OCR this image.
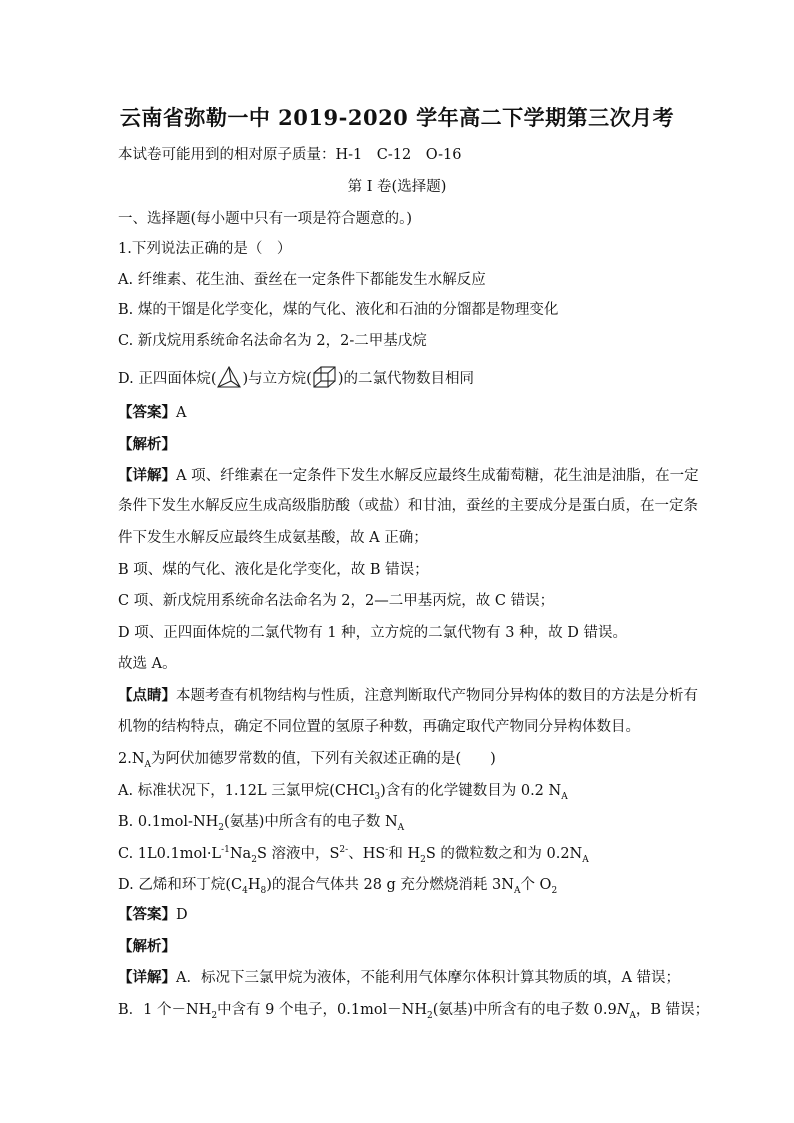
云南省弥勒一中 2019-2020 学年高二下学期第三次月考
本试卷可能用到的相对原子质量：H-1　C-12　O-16
第 I 卷(选择题)
一、选择题(每小题中只有一项是符合题意的。)
1.下列说法正确的是（　）
A. 纤维素、花生油、蚕丝在一定条件下都能发生水解反应
B. 煤的干馏是化学变化，煤的气化、液化和石油的分馏都是物理变化
C. 新戊烷用系统命名法命名为 2，2-二甲基戊烷
D. 正四面体烷( )与立方烷( )的二氯代物数目相同
【答案】A
【解析】
【详解】A 项、纤维素在一定条件下发生水解反应最终生成葡萄糖，花生油是油脂，在一定
条件下发生水解反应生成高级脂肪酸（或盐）和甘油，蚕丝的主要成分是蛋白质，在一定条
件下发生水解反应最终生成氨基酸，故 A 正确；
B 项、煤的气化、液化是化学变化，故 B 错误；
C 项、新戊烷用系统命名法命名为 2，2—二甲基丙烷，故 C 错误；
D 项、正四面体烷的二氯代物有 1 种，立方烷的二氯代物有 3 种，故 D 错误。
故选 A。
【点睛】本题考查有机物结构与性质，注意判断取代产物同分异构体的数目的方法是分析有
机物的结构特点，确定不同位置的氢原子种数，再确定取代产物同分异构体数目。
$2.N_A$为阿伏加德罗常数的值，下列有关叙述正确的是(　　)
A. 标准状况下，1.12L 三氯甲烷(CHCl$_3$)含有的化学键数目为 0.2 $N_A$
B. $0.1mol-NH_2$(氨基)中所含有的电子数 $N_A$
C. $1L0.1mol\cdot L^{-1}Na_2S$ 溶液中，$S^{2-}$、HS-和 $H_2S$ 的微粒数之和为 $0.2N_A$
D. 乙烯和环丁烷$(C_4H_8)$的混合气体共 28 g 充分燃烧消耗 $3N_A$个 $O_2$
【答案】D
【解析】
【详解】A．标况下三氯甲烷为液体，不能利用气体摩尔体积计算其物质的填，A 错误；
B．1 个$-NH_2$中含有 9 个电子，$0.1mol-NH_2$(氨基)中所含有的电子数 $0.9N_A$，B 错误；
